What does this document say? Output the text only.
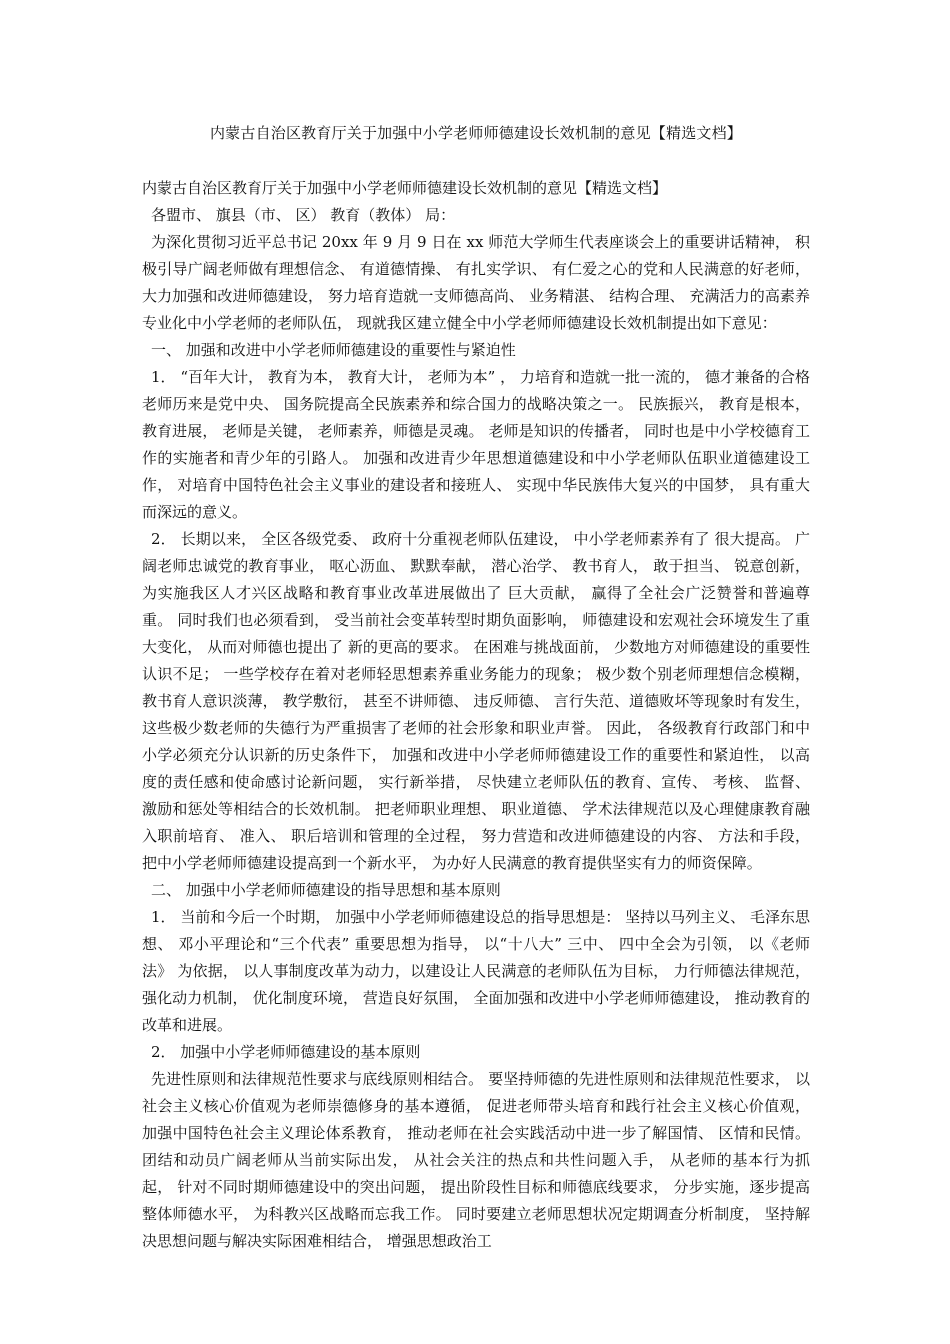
内蒙古自治区教育厅关于加强中小学老师师德建设长效机制的意见【精选文档】

内蒙古自治区教育厅关于加强中小学老师师德建设长效机制的意见【精选文档】

各盟市、 旗县（市、 区） 教育（教体） 局：

为深化贯彻习近平总书记 20xx 年 9 月 9 日在 xx 师范大学师生代表座谈会上的重要讲话精神， 积极引导广阔老师做有理想信念、 有道德情操、 有扎实学识、 有仁爱之心的党和人民满意的好老师， 大力加强和改进师德建设， 努力培育造就一支师德高尚、 业务精湛、 结构合理、 充满活力的高素养专业化中小学老师的老师队伍， 现就我区建立健全中小学老师师德建设长效机制提出如下意见：

一、 加强和改进中小学老师师德建设的重要性与紧迫性

1． “百年大计， 教育为本， 教育大计， 老师为本” ， 力培育和造就一批一流的， 德才兼备的合格老师历来是党中央、 国务院提高全民族素养和综合国力的战略决策之一。 民族振兴， 教育是根本， 教育进展， 老师是关键， 老师素养，师德是灵魂。 老师是知识的传播者， 同时也是中小学校德育工作的实施者和青少年的引路人。 加强和改进青少年思想道德建设和中小学老师队伍职业道德建设工作， 对培育中国特色社会主义事业的建设者和接班人、 实现中华民族伟大复兴的中国梦， 具有重大而深远的意义。

2． 长期以来， 全区各级党委、 政府十分重视老师队伍建设， 中小学老师素养有了 很大提高。 广阔老师忠诚党的教育事业， 呕心沥血、 默默奉献， 潜心治学、 教书育人， 敢于担当、 锐意创新， 为实施我区人才兴区战略和教育事业改革进展做出了 巨大贡献， 赢得了全社会广泛赞誉和普遍尊重。 同时我们也必须看到， 受当前社会变革转型时期负面影响， 师德建设和宏观社会环境发生了重大变化， 从而对师德也提出了 新的更高的要求。 在困难与挑战面前， 少数地方对师德建设的重要性认识不足； 一些学校存在着对老师轻思想素养重业务能力的现象； 极少数个别老师理想信念模糊， 教书育人意识淡薄， 教学敷衍， 甚至不讲师德、 违反师德、 言行失范、道德败坏等现象时有发生， 这些极少数老师的失德行为严重损害了老师的社会形象和职业声誉。 因此， 各级教育行政部门和中小学必须充分认识新的历史条件下， 加强和改进中小学老师师德建设工作的重要性和紧迫性， 以高度的责任感和使命感讨论新问题， 实行新举措， 尽快建立老师队伍的教育、宣传、 考核、 监督、 激励和惩处等相结合的长效机制。 把老师职业理想、 职业道德、 学术法律规范以及心理健康教育融入职前培育、 准入、 职后培训和管理的全过程， 努力营造和改进师德建设的内容、 方法和手段， 把中小学老师师德建设提高到一个新水平， 为办好人民满意的教育提供坚实有力的师资保障。

二、 加强中小学老师师德建设的指导思想和基本原则

1． 当前和今后一个时期， 加强中小学老师师德建设总的指导思想是： 坚持以马列主义、 毛泽东思想、 邓小平理论和“三个代表” 重要思想为指导， 以“十八大” 三中、 四中全会为引领， 以《老师法》 为依据， 以人事制度改革为动力，以建设让人民满意的老师队伍为目标， 力行师德法律规范， 强化动力机制， 优化制度环境， 营造良好氛围， 全面加强和改进中小学老师师德建设， 推动教育的改革和进展。

2． 加强中小学老师师德建设的基本原则

先进性原则和法律规范性要求与底线原则相结合。 要坚持师德的先进性原则和法律规范性要求， 以社会主义核心价值观为老师崇德修身的基本遵循， 促进老师带头培育和践行社会主义核心价值观， 加强中国特色社会主义理论体系教育， 推动老师在社会实践活动中进一步了解国情、 区情和民情。 团结和动员广阔老师从当前实际出发， 从社会关注的热点和共性问题入手， 从老师的基本行为抓起， 针对不同时期师德建设中的突出问题， 提出阶段性目标和师德底线要求， 分步实施，逐步提高整体师德水平， 为科教兴区战略而忘我工作。 同时要建立老师思想状况定期调查分析制度， 坚持解决思想问题与解决实际困难相结合， 增强思想政治工
